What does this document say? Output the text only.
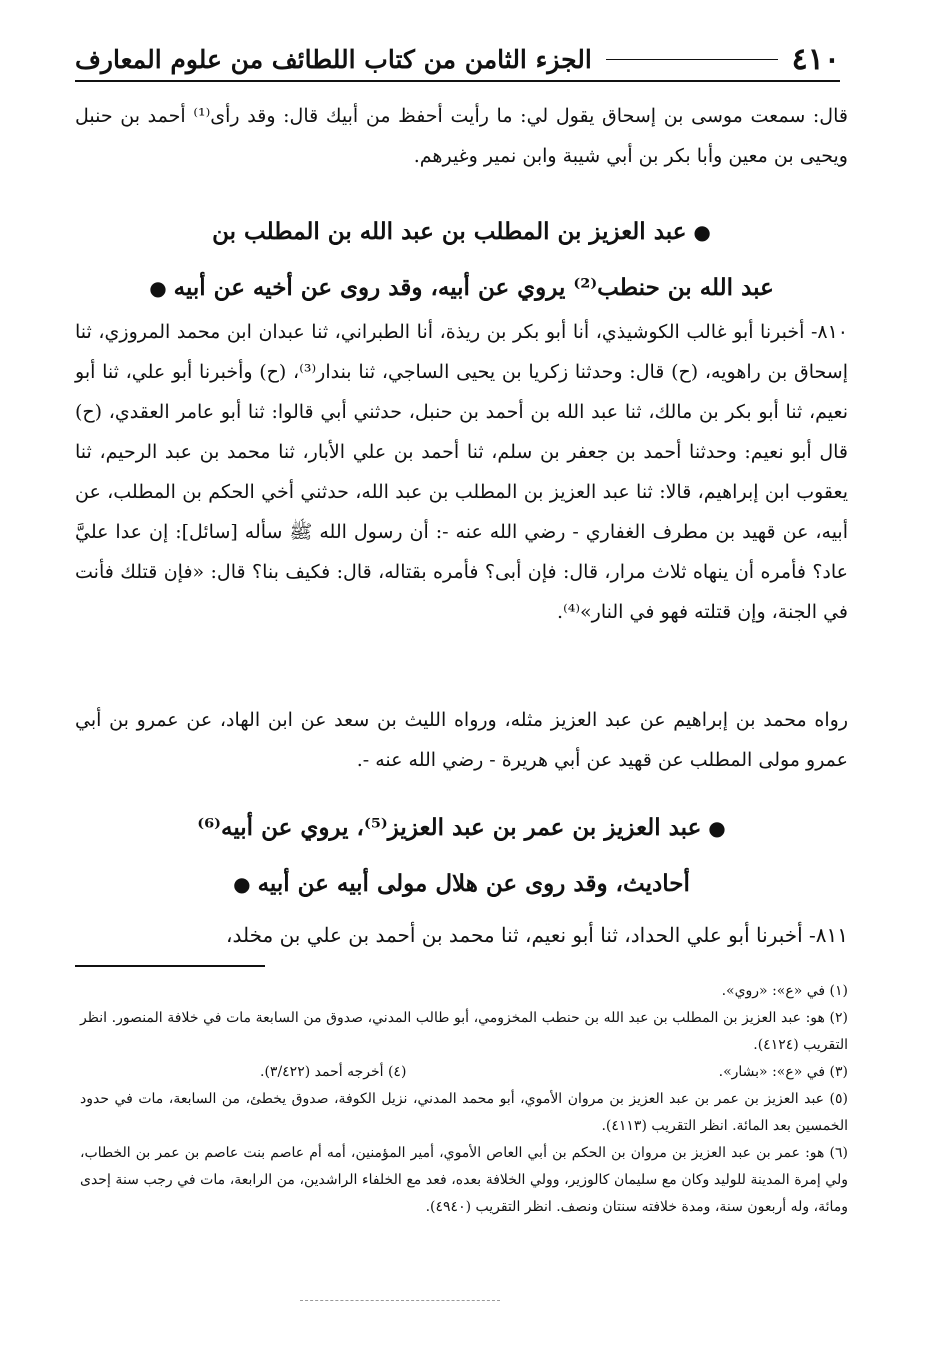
٤١٠
الجزء الثامن من كتاب اللطائف من علوم المعارف

قال: سمعت موسى بن إسحاق يقول لي: ما رأيت أحفظ من أبيك قال: وقد رأى⁽¹⁾ أحمد بن حنبل ويحيى بن معين وأبا بكر بن أبي شيبة وابن نمير وغيرهم.

● عبد العزيز بن المطلب بن عبد الله بن المطلب بن

عبد الله بن حنطب⁽²⁾ يروي عن أبيه، وقد روى عن أخيه عن أبيه ●

٨١٠- أخبرنا أبو غالب الكوشيذي، أنا أبو بكر بن ريذة، أنا الطبراني، ثنا عبدان ابن محمد المروزي، ثنا إسحاق بن راهويه، (ح) قال: وحدثنا زكريا بن يحيى الساجي، ثنا بندار⁽³⁾، (ح) وأخبرنا أبو علي، ثنا أبو نعيم، ثنا أبو بكر بن مالك، ثنا عبد الله بن أحمد بن حنبل، حدثني أبي قالوا: ثنا أبو عامر العقدي، (ح) قال أبو نعيم: وحدثنا أحمد بن جعفر بن سلم، ثنا أحمد بن علي الأبار، ثنا محمد بن عبد الرحيم، ثنا يعقوب ابن إبراهيم، قالا: ثنا عبد العزيز بن المطلب بن عبد الله، حدثني أخي الحكم بن المطلب، عن أبيه، عن قهيد بن مطرف الغفاري - رضي الله عنه -: أن رسول الله ﷺ سأله [سائل]: إن عدا عليَّ عاد؟ فأمره أن ينهاه ثلاث مرار، قال: فإن أبى؟ فأمره بقتاله، قال: فكيف بنا؟ قال: «فإن قتلك فأنت في الجنة، وإن قتلته فهو في النار»⁽⁴⁾.

رواه محمد بن إبراهيم عن عبد العزيز مثله، ورواه الليث بن سعد عن ابن الهاد، عن عمرو بن أبي عمرو مولى المطلب عن قهيد عن أبي هريرة - رضي الله عنه -.

● عبد العزيز بن عمر بن عبد العزيز⁽⁵⁾، يروي عن أبيه⁽⁶⁾

أحاديث، وقد روى عن هلال مولى أبيه عن أبيه ●

٨١١- أخبرنا أبو علي الحداد، ثنا أبو نعيم، ثنا محمد بن أحمد بن علي بن مخلد،

(١) في «ع»: «روي».

(٢) هو: عبد العزيز بن المطلب بن عبد الله بن حنطب المخزومي، أبو طالب المدني، صدوق من السابعة مات في خلافة المنصور. انظر التقريب (٤١٢٤).

(٣) في «ع»: «بشار».
(٤) أخرجه أحمد (٣/٤٢٢).

(٥) عبد العزيز بن عمر بن عبد العزيز بن مروان الأموي، أبو محمد المدني، نزيل الكوفة، صدوق يخطئ، من السابعة، مات في حدود الخمسين بعد المائة. انظر التقريب (٤١١٣).

(٦) هو: عمر بن عبد العزيز بن مروان بن الحكم بن أبي العاص الأموي، أمير المؤمنين، أمه أم عاصم بنت عاصم بن عمر بن الخطاب، ولي إمرة المدينة للوليد وكان مع سليمان كالوزير، وولي الخلافة بعده، فعد مع الخلفاء الراشدين، من الرابعة، مات في رجب سنة إحدى ومائة، وله أربعون سنة، ومدة خلافته سنتان ونصف. انظر التقريب (٤٩٤٠).
